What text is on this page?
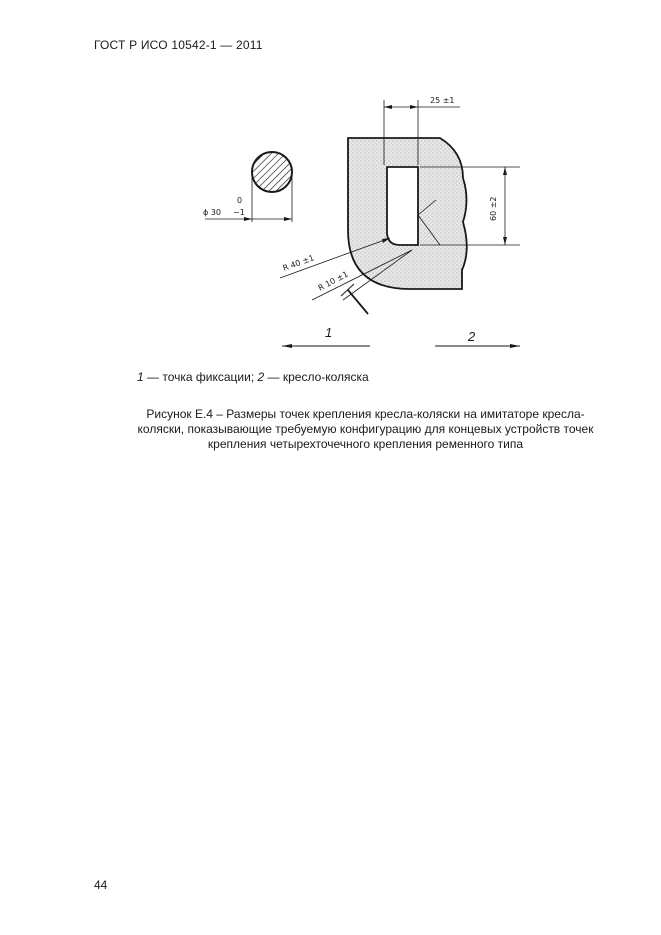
ГОСТ Р ИСО 10542-1 — 2011
ϕ 30
0
−1
25 ±1
60 ±2
R 40 ±1
R 10 ±1
1	2
1 — точка фиксации; 2 — кресло-коляска
Рисунок Е.4 – Размеры точек крепления кресла-коляски на имитаторе кресла-
коляски, показывающие требуемую конфигурацию для концевых устройств точек
крепления четырехточечного крепления ременного типа
44
